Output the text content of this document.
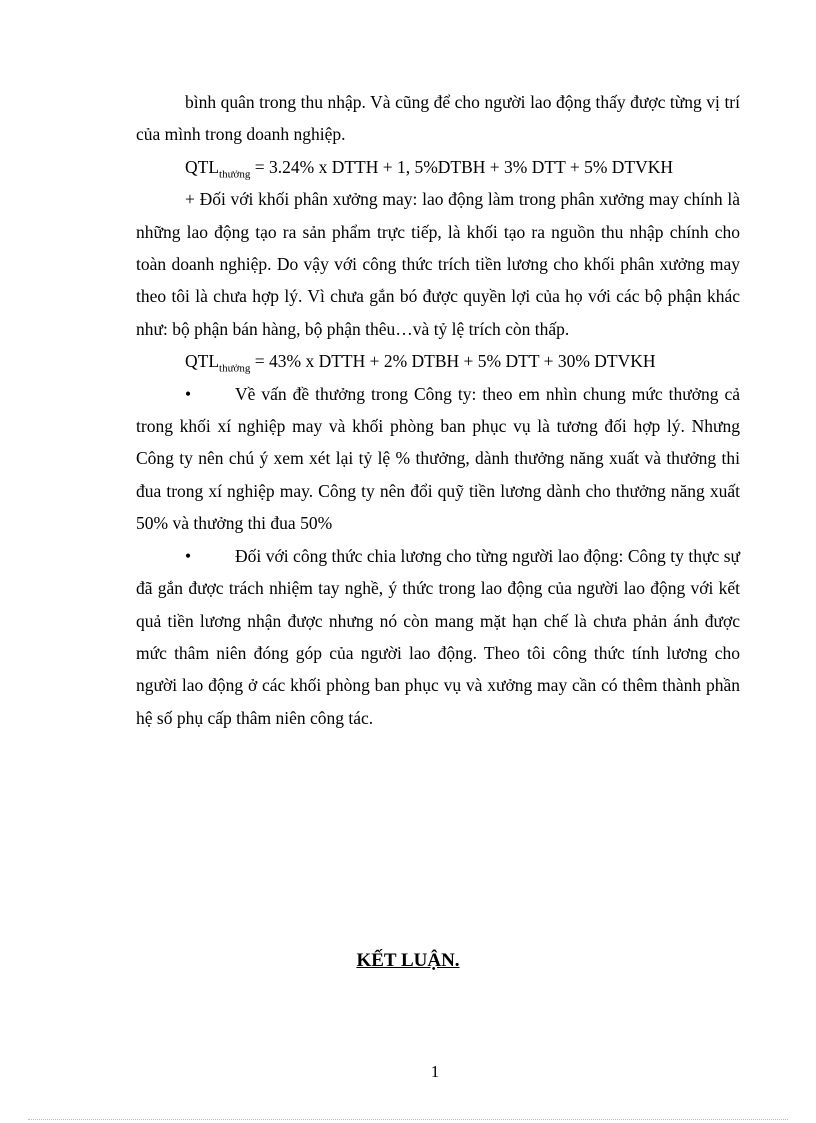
bình quân trong thu nhập. Và cũng để cho người lao động thấy được từng vị trí của mình trong doanh nghiệp.

$QTL_{thưởng} = 3.24\%$ x DTTH + 1, 5%DTBH + 3% DTT + 5% DTVKH

+ Đối với khối phân xưởng may: lao động làm trong phân xưởng may chính là những lao động tạo ra sản phẩm trực tiếp, là khối tạo ra nguồn thu nhập chính cho toàn doanh nghiệp. Do vậy với công thức trích tiền lương cho khối phân xưởng may theo tôi là chưa hợp lý. Vì chưa gắn bó được quyền lợi của họ với các bộ phận khác như: bộ phận bán hàng, bộ phận thêu…và tỷ lệ trích còn thấp.

$QTL_{thưởng} = 43\%$ x DTTH + 2% DTBH + 5% DTT + 30% DTVKH

•	Về vấn đề thưởng trong Công ty: theo em nhìn chung mức thưởng cả trong khối xí nghiệp may và khối phòng ban phục vụ là tương đối hợp lý. Nhưng Công ty nên chú ý xem xét lại tỷ lệ % thưởng, dành thưởng năng xuất và thưởng thi đua trong xí nghiệp may. Công ty nên đổi quỹ tiền lương dành cho thưởng năng xuất 50% và thưởng thi đua 50%

•	Đối với công thức chia lương cho từng người lao động: Công ty thực sự đã gắn được trách nhiệm tay nghề, ý thức trong lao động của người lao động với kết quả tiền lương nhận được nhưng nó còn mang mặt hạn chế là chưa phản ánh được mức thâm niên đóng góp của người lao động. Theo tôi công thức tính lương cho người lao động ở các khối phòng ban phục vụ và xưởng may cần có thêm thành phần hệ số phụ cấp thâm niên công tác.

KẾT LUẬN.
1
